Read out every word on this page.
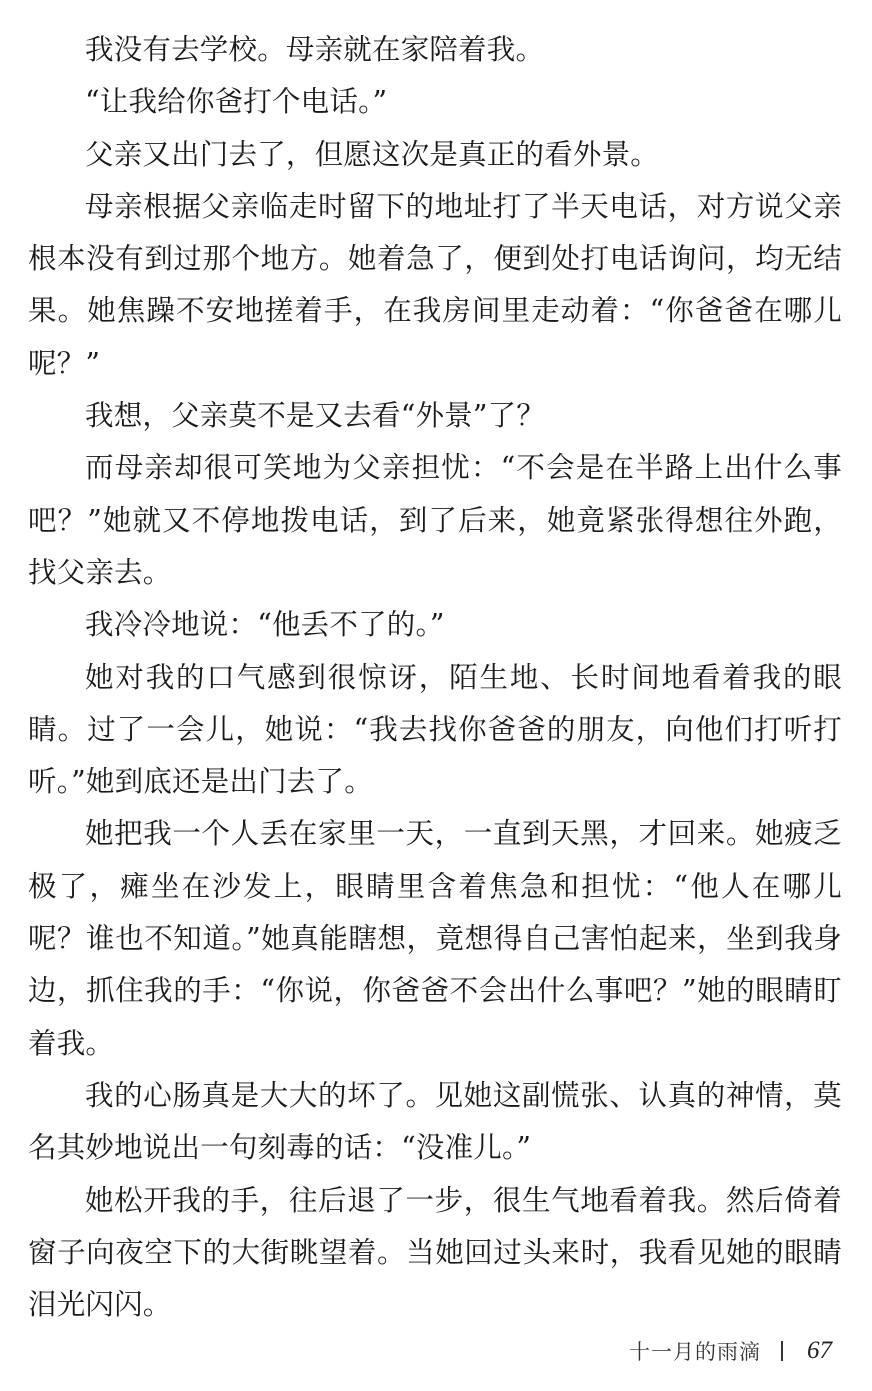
我没有去学校。母亲就在家陪着我。

“让我给你爸打个电话。”

父亲又出门去了，但愿这次是真正的看外景。

母亲根据父亲临走时留下的地址打了半天电话，对方说父亲根本没有到过那个地方。她着急了，便到处打电话询问，均无结果。她焦躁不安地搓着手，在我房间里走动着：“你爸爸在哪儿呢？”

我想，父亲莫不是又去看“外景”了？

而母亲却很可笑地为父亲担忧：“不会是在半路上出什么事吧？”她就又不停地拨电话，到了后来，她竟紧张得想往外跑，找父亲去。

我冷冷地说：“他丢不了的。”

她对我的口气感到很惊讶，陌生地、长时间地看着我的眼睛。过了一会儿，她说：“我去找你爸爸的朋友，向他们打听打听。”她到底还是出门去了。

她把我一个人丢在家里一天，一直到天黑，才回来。她疲乏极了，瘫坐在沙发上，眼睛里含着焦急和担忧：“他人在哪儿呢？谁也不知道。”她真能瞎想，竟想得自己害怕起来，坐到我身边，抓住我的手：“你说，你爸爸不会出什么事吧？”她的眼睛盯着我。

我的心肠真是大大的坏了。见她这副慌张、认真的神情，莫名其妙地说出一句刻毒的话：“没准儿。”

她松开我的手，往后退了一步，很生气地看着我。然后倚着窗子向夜空下的大街眺望着。当她回过头来时，我看见她的眼睛泪光闪闪。

十一月的雨滴 67
